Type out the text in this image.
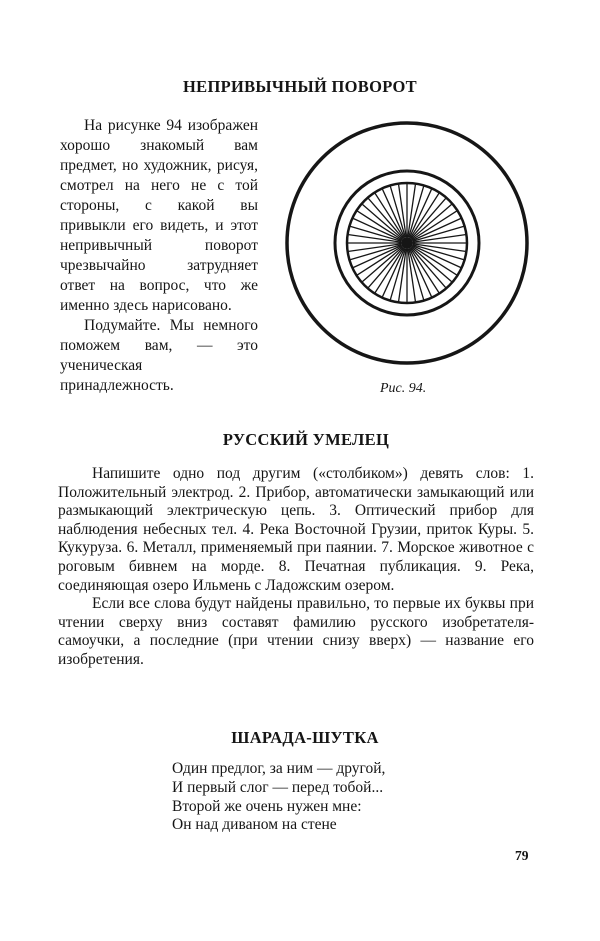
НЕПРИВЫЧНЫЙ ПОВОРОТ

На рисунке 94 изображен хорошо знакомый вам предмет, но художник, рисуя, смотрел на него не с той стороны, с какой вы привыкли его видеть, и этот непривычный поворот чрезвычайно затрудняет ответ на вопрос, что же именно здесь нарисовано.

Подумайте. Мы немного поможем вам, — это ученическая принадлежность.	Рис. 94.
РУССКИЙ УМЕЛЕЦ

Напишите одно под другим («столбиком») девять слов: 1. Положительный электрод. 2. Прибор, автоматически замыкающий или размыкающий электрическую цепь. 3. Оптический прибор для наблюдения небесных тел. 4. Река Восточной Грузии, приток Куры. 5. Кукуруза. 6. Металл, применяемый при паянии. 7. Морское животное с роговым бивнем на морде. 8. Печатная публикация. 9. Река, соединяющая озеро Ильмень с Ладожским озером.

Если все слова будут найдены правильно, то первые их буквы при чтении сверху вниз составят фамилию русского изобретателя-самоучки, а последние (при чтении снизу вверх) — название его изобретения.

ШАРАДА-ШУТКА
Один предлог, за ним — другой,
И первый слог — перед тобой...
Второй же очень нужен мне:
Он над диваном на стене
79
